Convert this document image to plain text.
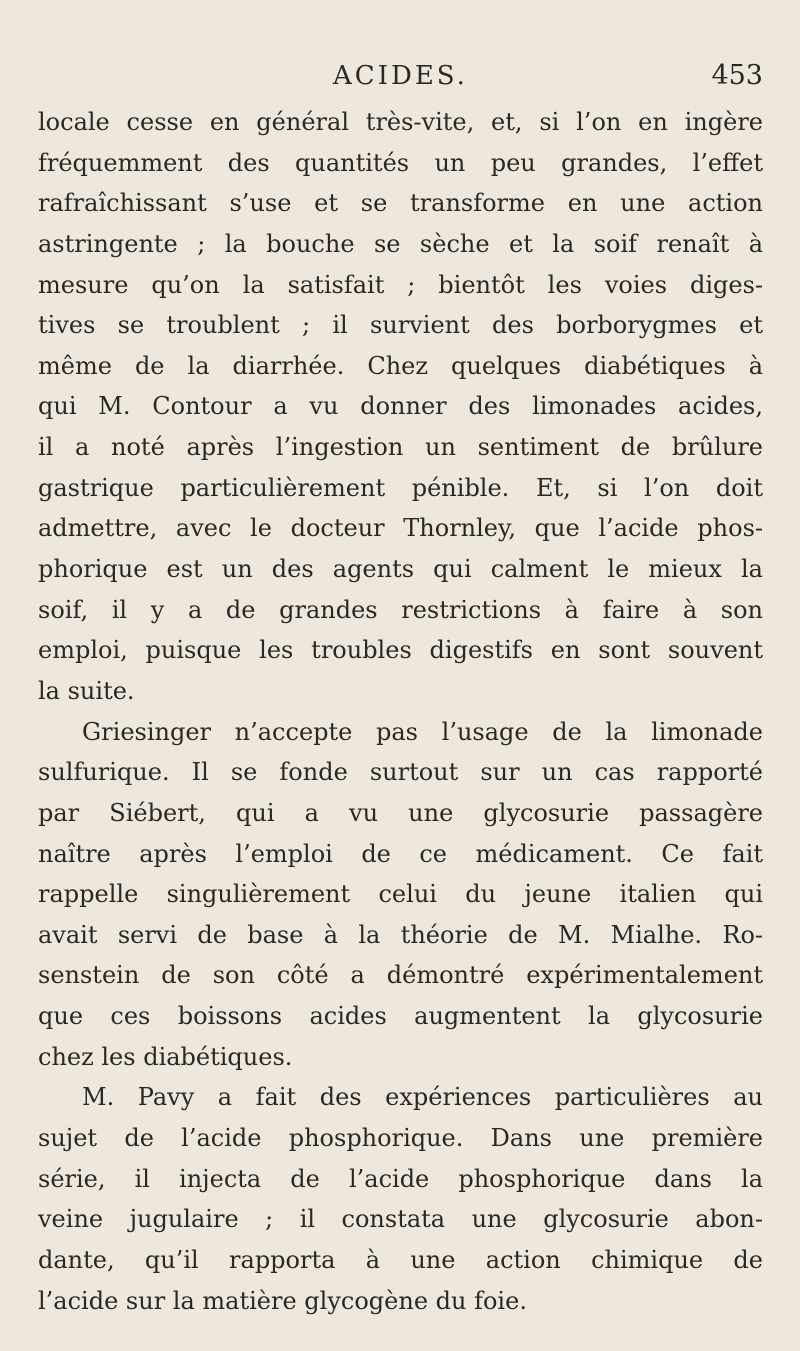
ACIDES.	453
locale cesse en général très-vite, et, si l’on en ingère
fréquemment des quantités un peu grandes, l’effet
rafraîchissant s’use et se transforme en une action
astringente ; la bouche se sèche et la soif renaît à
mesure qu’on la satisfait ; bientôt les voies diges-
tives se troublent ; il survient des borborygmes et
même de la diarrhée. Chez quelques diabétiques à
qui M. Contour a vu donner des limonades acides,
il a noté après l’ingestion un sentiment de brûlure
gastrique particulièrement pénible. Et, si l’on doit
admettre, avec le docteur Thornley, que l’acide phos-
phorique est un des agents qui calment le mieux la
soif, il y a de grandes restrictions à faire à son
emploi, puisque les troubles digestifs en sont souvent
la suite.
Griesinger n’accepte pas l’usage de la limonade
sulfurique. Il se fonde surtout sur un cas rapporté
par Siébert, qui a vu une glycosurie passagère
naître après l’emploi de ce médicament. Ce fait
rappelle singulièrement celui du jeune italien qui
avait servi de base à la théorie de M. Mialhe. Ro-
senstein de son côté a démontré expérimentalement
que ces boissons acides augmentent la glycosurie
chez les diabétiques.
M. Pavy a fait des expériences particulières au
sujet de l’acide phosphorique. Dans une première
série, il injecta de l’acide phosphorique dans la
veine jugulaire ; il constata une glycosurie abon-
dante, qu’il rapporta à une action chimique de
l’acide sur la matière glycogène du foie.
